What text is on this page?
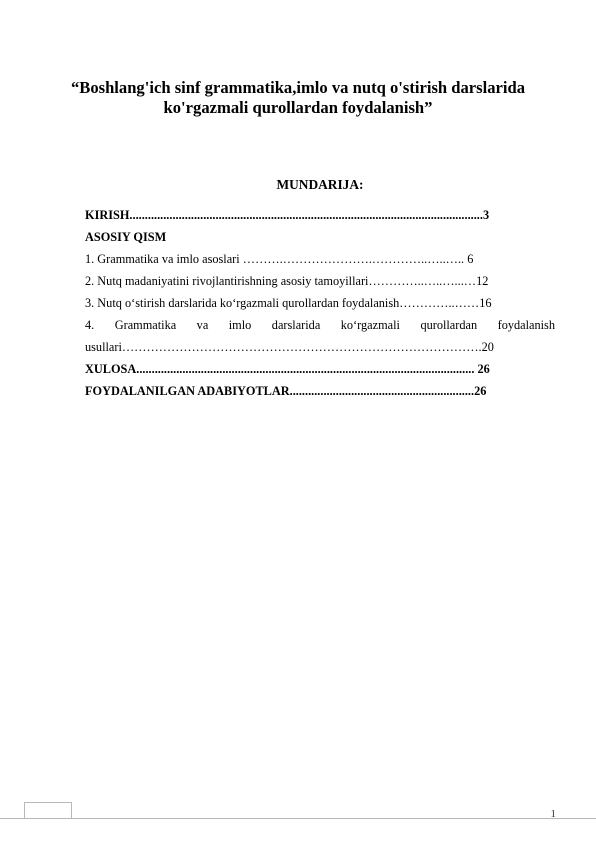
“Boshlang'ich sinf grammatika,imlo va nutq o'stirish darslarida
ko'rgazmali qurollardan foydalanish”
MUNDARIJA:
KIRISH...................................................................................................................3
ASOSIY QISM
1. Grammatika va imlo asoslari ……….………………….…………..…..….. 6
2. Nutq madaniyatini rivojlantirishning asosiy tamoyillari…………..…..…...…12
3. Nutq o‘stirish darslarida ko‘rgazmali qurollardan foydalanish…………..……16
4. Grammatika va imlo darslarida ko‘rgazmali qurollardan foydalanish
usullari…………………………………………………………………………….20
XULOSA.............................................................................................................. 26
FOYDALANILGAN ADABIYOTLAR............................................................26
1
